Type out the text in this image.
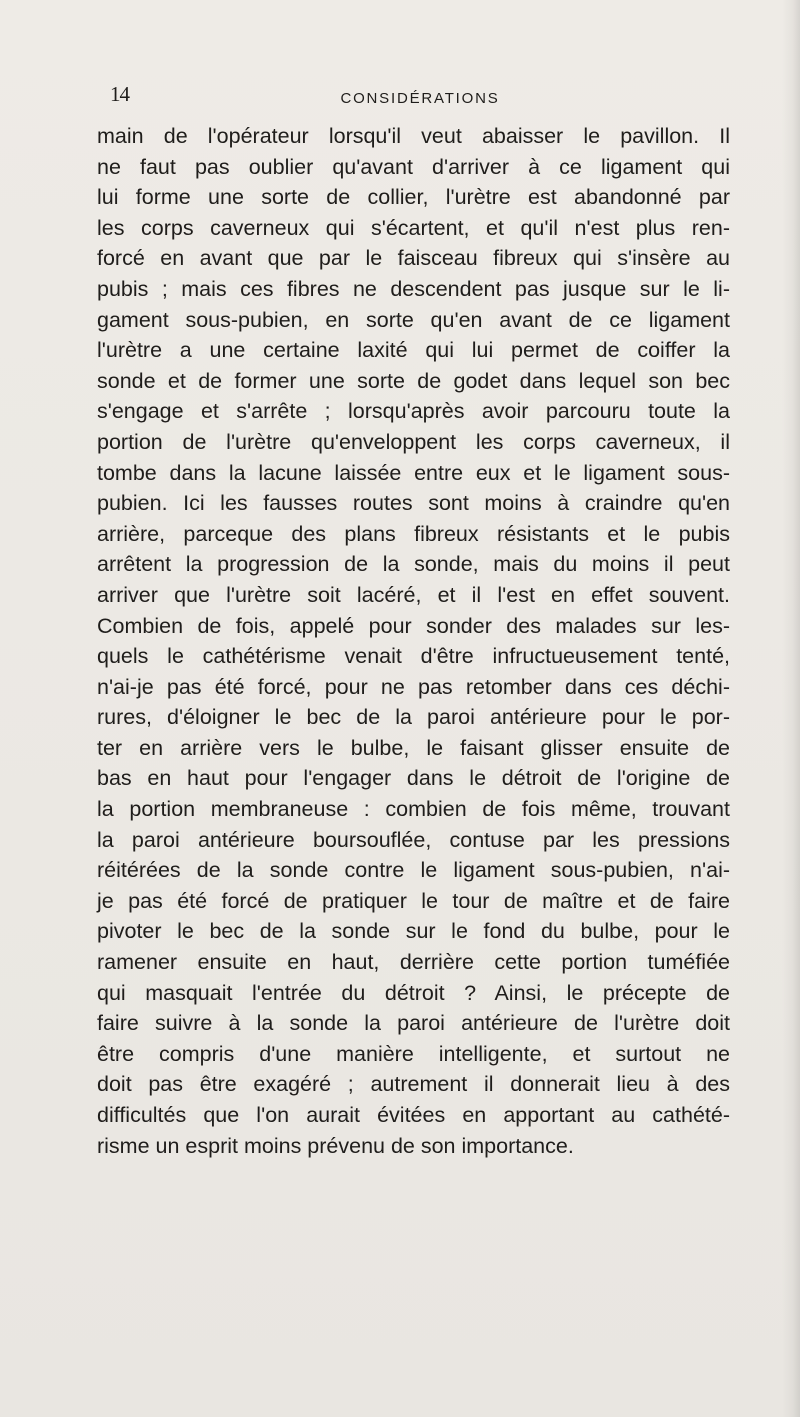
14	CONSIDÉRATIONS
main de l'opérateur lorsqu'il veut abaisser le pavillon. Il
ne faut pas oublier qu'avant d'arriver à ce ligament qui
lui forme une sorte de collier, l'urètre est abandonné par
les corps caverneux qui s'écartent, et qu'il n'est plus ren-
forcé en avant que par le faisceau fibreux qui s'insère au
pubis ; mais ces fibres ne descendent pas jusque sur le li-
gament sous-pubien, en sorte qu'en avant de ce ligament
l'urètre a une certaine laxité qui lui permet de coiffer la
sonde et de former une sorte de godet dans lequel son bec
s'engage et s'arrête ; lorsqu'après avoir parcouru toute la
portion de l'urètre qu'enveloppent les corps caverneux, il
tombe dans la lacune laissée entre eux et le ligament sous-
pubien. Ici les fausses routes sont moins à craindre qu'en
arrière, parceque des plans fibreux résistants et le pubis
arrêtent la progression de la sonde, mais du moins il peut
arriver que l'urètre soit lacéré, et il l'est en effet souvent.
Combien de fois, appelé pour sonder des malades sur les-
quels le cathétérisme venait d'être infructueusement tenté,
n'ai-je pas été forcé, pour ne pas retomber dans ces déchi-
rures, d'éloigner le bec de la paroi antérieure pour le por-
ter en arrière vers le bulbe, le faisant glisser ensuite de
bas en haut pour l'engager dans le détroit de l'origine de
la portion membraneuse : combien de fois même, trouvant
la paroi antérieure boursouflée, contuse par les pressions
réitérées de la sonde contre le ligament sous-pubien, n'ai-
je pas été forcé de pratiquer le tour de maître et de faire
pivoter le bec de la sonde sur le fond du bulbe, pour le
ramener ensuite en haut, derrière cette portion tuméfiée
qui masquait l'entrée du détroit ? Ainsi, le précepte de
faire suivre à la sonde la paroi antérieure de l'urètre doit
être compris d'une manière intelligente, et surtout ne
doit pas être exagéré ; autrement il donnerait lieu à des
difficultés que l'on aurait évitées en apportant au cathété-
risme un esprit moins prévenu de son importance.
